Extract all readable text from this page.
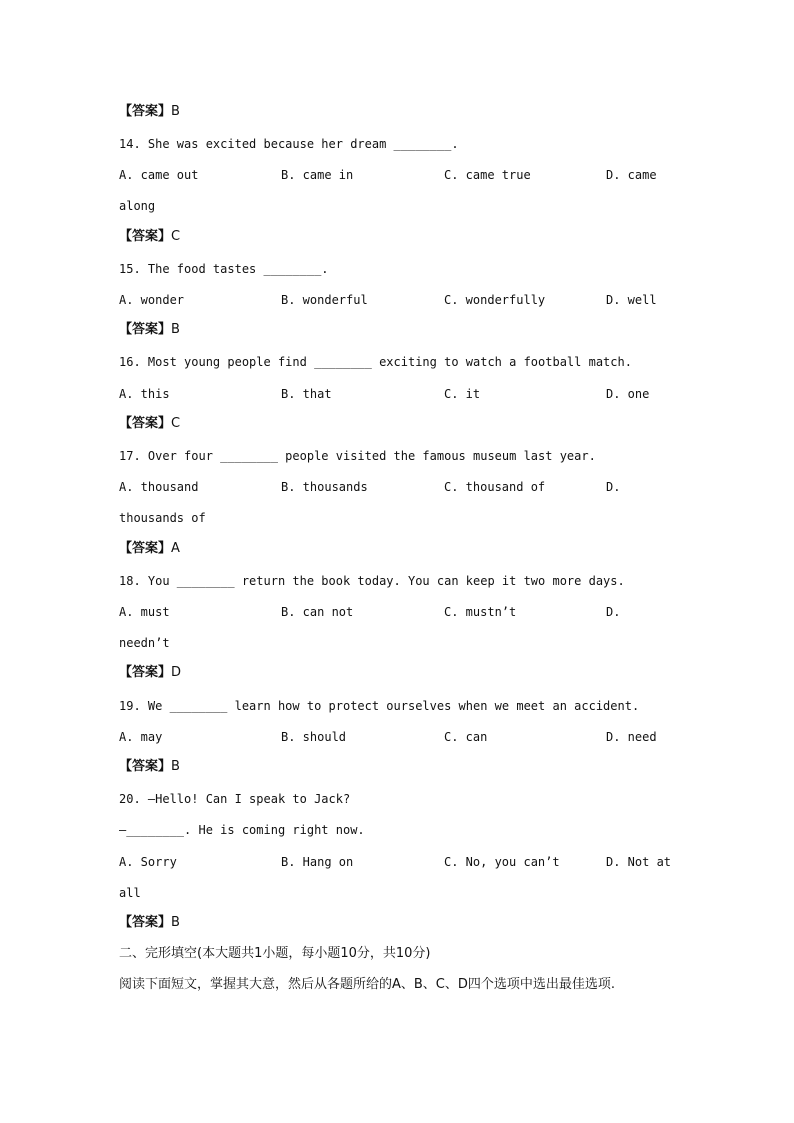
【答案】B
14. She was excited because her dream ________.
A. came out	B. came in	C. came true	D. came
along
【答案】C
15. The food tastes ________.
A. wonder	B. wonderful	C. wonderfully	D. well
【答案】B
16. Most young people find ________ exciting to watch a football match.
A. this	B. that	C. it	D. one
【答案】C
17. Over four ________ people visited the famous museum last year.
A. thousand	B. thousands	C. thousand of	D.
thousands of
【答案】A
18. You ________ return the book today. You can keep it two more days.
A. must	B. can not	C. mustn’t	D.
needn’t
【答案】D
19. We ________ learn how to protect ourselves when we meet an accident.
A. may	B. should	C. can	D. need
【答案】B
20. —Hello! Can I speak to Jack?
—________. He is coming right now.
A. Sorry	B. Hang on	C. No, you can’t	D. Not at
all
【答案】B
二、完形填空(本大题共1小题，每小题10分，共10分)
阅读下面短文，掌握其大意，然后从各题所给的A、B、C、D四个选项中选出最佳选项.
